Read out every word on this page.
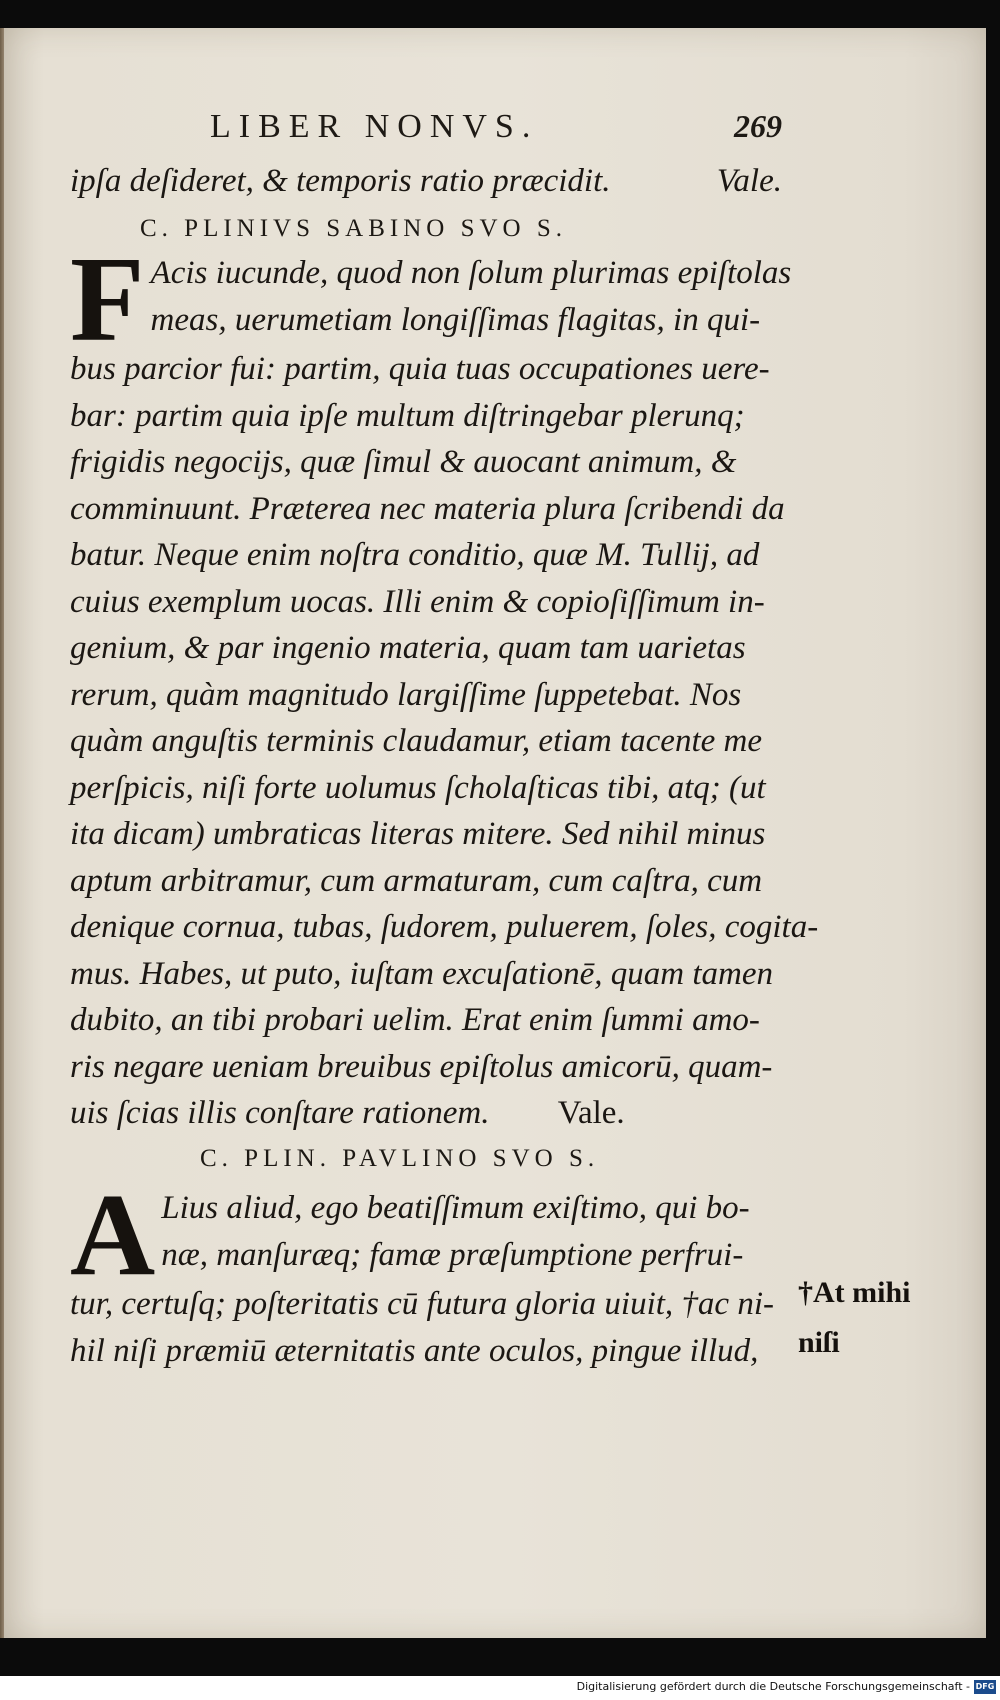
LIBER NONVS.	269
ipſa deſideret, & temporis ratio præcidit.	Vale.
C. PLINIVS SABINO SVO S.
F Acis iucunde, quod non ſolum plurimas epiſtolas
meas, uerumetiam longiſſimas flagitas, in qui-
bus parcior fui: partim, quia tuas occupationes uere-
bar: partim quia ipſe multum diſtringebar plerunq;
frigidis negocijs, quæ ſimul & auocant animum, &
comminuunt. Præterea nec materia plura ſcribendi da
batur. Neque enim noſtra conditio, quæ M. Tullij, ad
cuius exemplum uocas. Illi enim & copioſiſſimum in-
genium, & par ingenio materia, quam tam uarietas
rerum, quàm magnitudo largiſſime ſuppetebat. Nos
quàm anguſtis terminis claudamur, etiam tacente me
perſpicis, niſi forte uolumus ſcholaſticas tibi, atq; (ut
ita dicam) umbraticas literas mitere. Sed nihil minus
aptum arbitramur, cum armaturam, cum caſtra, cum
denique cornua, tubas, ſudorem, puluerem, ſoles, cogita-
mus. Habes, ut puto, iuſtam excuſationē, quam tamen
dubito, an tibi probari uelim. Erat enim ſummi amo-
ris negare ueniam breuibus epiſtolus amicorū, quam-
uis ſcias illis conſtare rationem. Vale.
C. PLIN. PAVLINO SVO S.
A Lius aliud, ego beatiſſimum exiſtimo, qui bo-
næ, manſuræq; famæ præſumptione perfrui-
tur, certuſq; poſteritatis cū futura gloria uiuit, †ac ni-
hil niſi præmiū æternitatis ante oculos, pingue illud,
†At mihi
niſi
Digitalisierung gefördert durch die Deutsche Forschungsgemeinschaft - DFG
